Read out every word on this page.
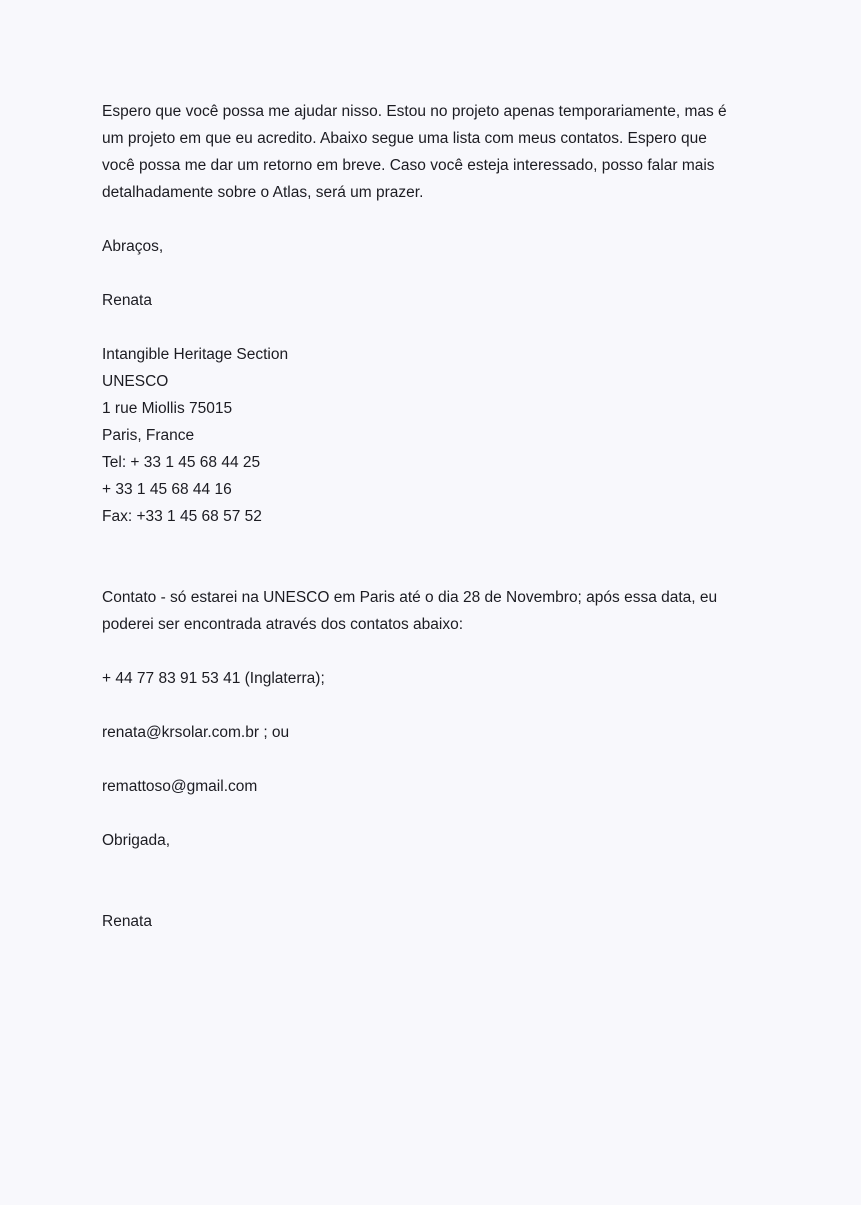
Espero que você possa me ajudar nisso. Estou no projeto apenas temporariamente, mas é
um projeto em que eu acredito. Abaixo segue uma lista com meus contatos. Espero que
você possa me dar um retorno em breve. Caso você esteja interessado, posso falar mais
detalhadamente sobre o Atlas, será um prazer.

Abraços,
Renata
Intangible Heritage Section
UNESCO
1 rue Miollis 75015
Paris, France
Tel: + 33 1 45 68 44 25
+ 33 1 45 68 44 16
Fax: +33 1 45 68 57 52

Contato - só estarei na UNESCO em Paris até o dia 28 de Novembro; após essa data, eu
poderei ser encontrada através dos contatos abaixo:

+ 44 77 83 91 53 41 (Inglaterra);
renata@krsolar.com.br ; ou
remattoso@gmail.com
Obrigada,
Renata
